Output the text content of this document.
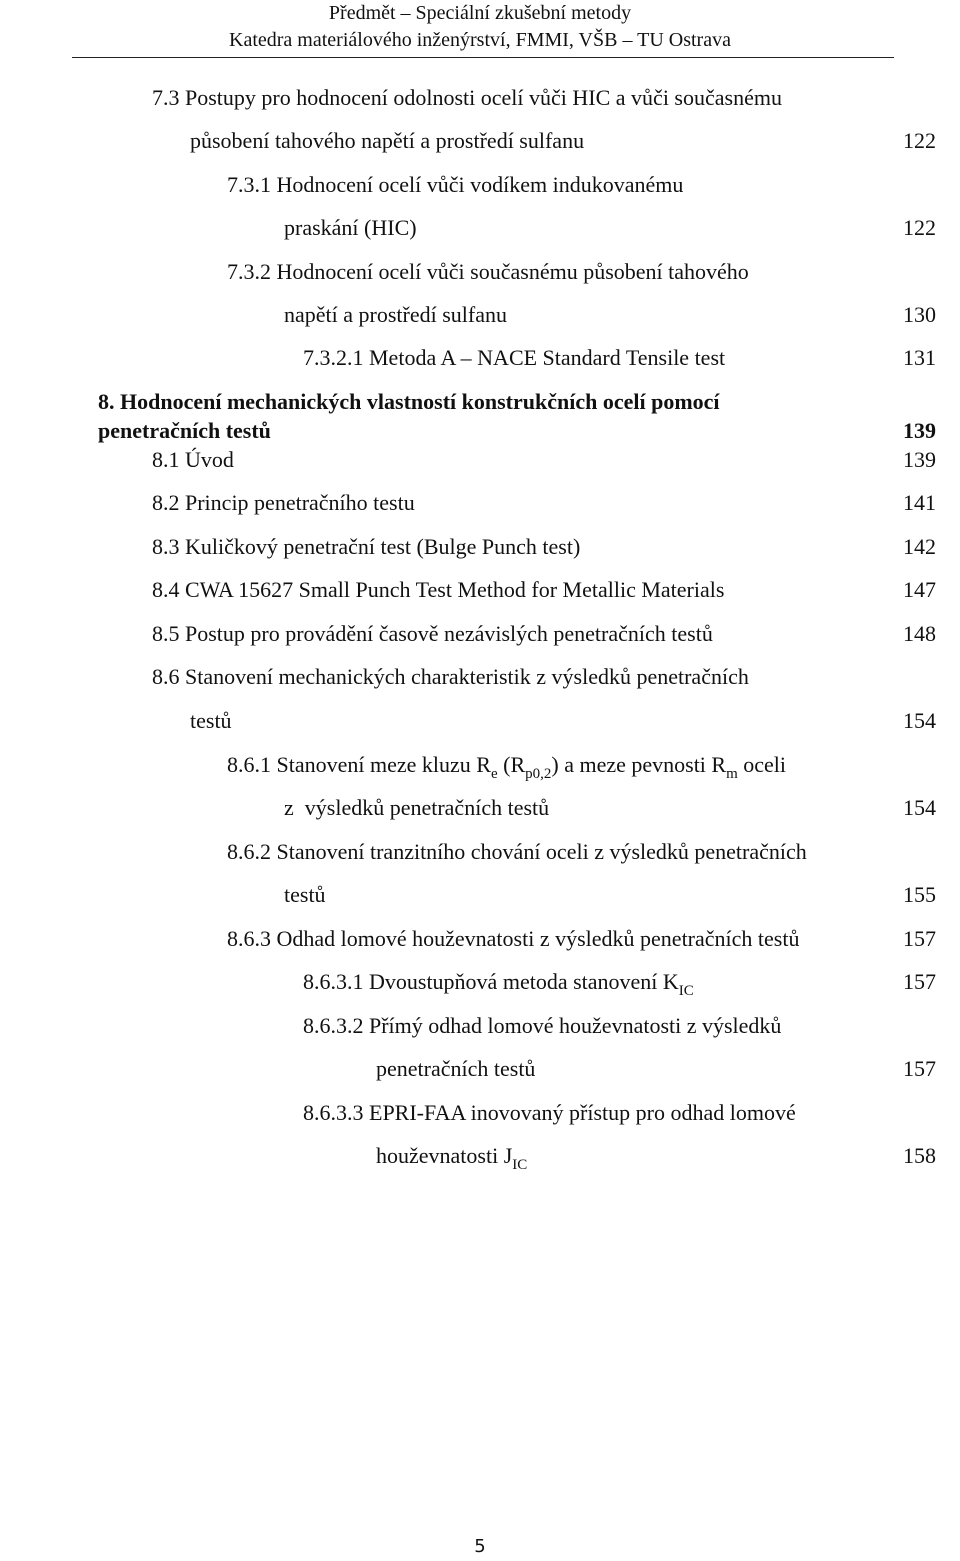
Předmět – Speciální zkušební metody
Katedra materiálového inženýrství, FMMI, VŠB – TU Ostrava
7.3 Postupy pro hodnocení odolnosti ocelí vůči HIC a vůči současnému
působení tahového napětí a prostředí sulfanu	122
7.3.1 Hodnocení ocelí vůči vodíkem indukovanému
praskání (HIC)	122
7.3.2 Hodnocení ocelí vůči současnému působení tahového
napětí a prostředí sulfanu	130
7.3.2.1 Metoda A – NACE Standard Tensile test	131
8. Hodnocení mechanických vlastností konstrukčních ocelí pomocí
penetračních testů	139
8.1 Úvod	139
8.2 Princip penetračního testu	141
8.3 Kuličkový penetrační test (Bulge Punch test)	142
8.4 CWA 15627 Small Punch Test Method for Metallic Materials	147
8.5 Postup pro provádění časově nezávislých penetračních testů	148
8.6 Stanovení mechanických charakteristik z výsledků penetračních
testů	154
8.6.1 Stanovení meze kluzu $R_e$ $(R_{p0,2})$ a meze pevnosti $R_m$ oceli
z  výsledků penetračních testů	154
8.6.2 Stanovení tranzitního chování oceli z výsledků penetračních
testů	155
8.6.3 Odhad lomové houževnatosti z výsledků penetračních testů	157
8.6.3.1 Dvoustupňová metoda stanovení $K_{IC}$	157
8.6.3.2 Přímý odhad lomové houževnatosti z výsledků
penetračních testů	157
8.6.3.3 EPRI-FAA inovovaný přístup pro odhad lomové
houževnatosti $J_{IC}$	158
5
